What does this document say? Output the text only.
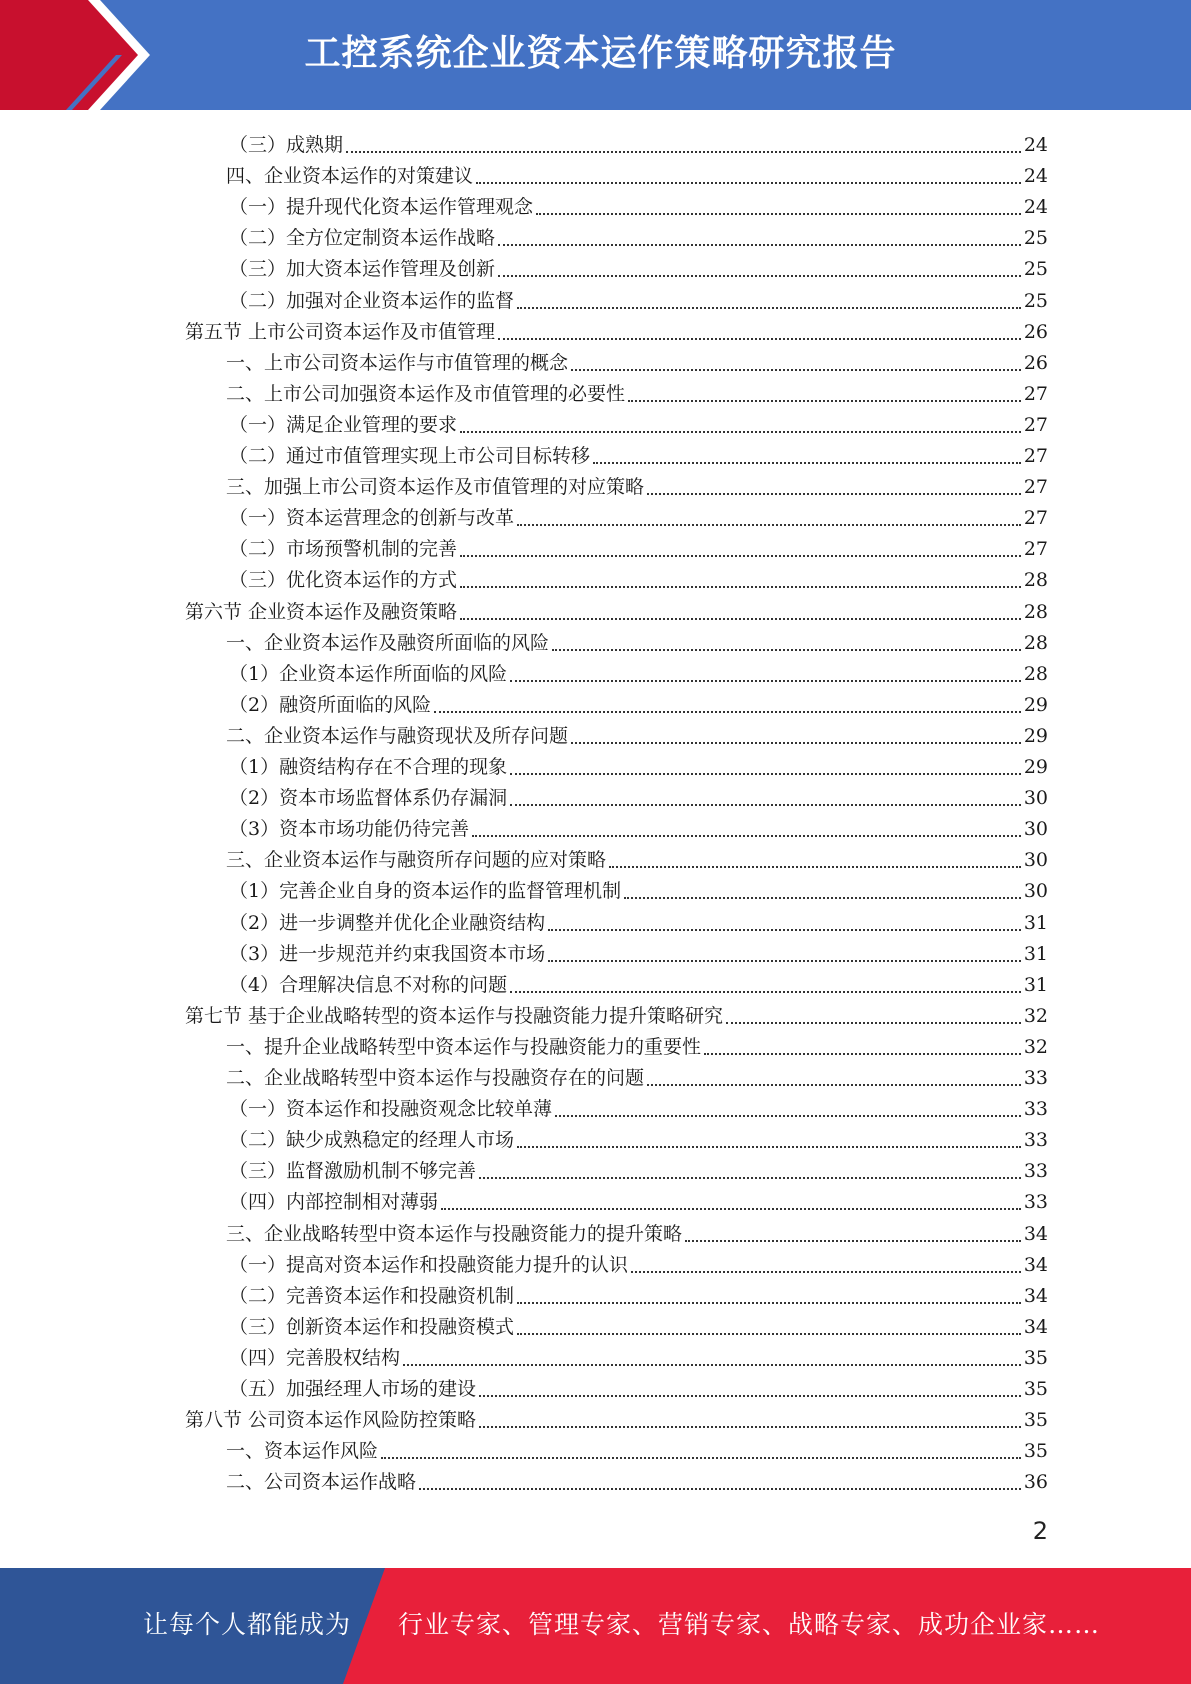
工控系统企业资本运作策略研究报告
（三）成熟期	24
四、企业资本运作的对策建议	24
（一）提升现代化资本运作管理观念	24
（二）全方位定制资本运作战略	25
（三）加大资本运作管理及创新	25
（二）加强对企业资本运作的监督	25
第五节 上市公司资本运作及市值管理	26
一、上市公司资本运作与市值管理的概念	26
二、上市公司加强资本运作及市值管理的必要性	27
（一）满足企业管理的要求	27
（二）通过市值管理实现上市公司目标转移	27
三、加强上市公司资本运作及市值管理的对应策略	27
（一）资本运营理念的创新与改革	27
（二）市场预警机制的完善	27
（三）优化资本运作的方式	28
第六节 企业资本运作及融资策略	28
一、企业资本运作及融资所面临的风险	28
（1）企业资本运作所面临的风险	28
（2）融资所面临的风险	29
二、企业资本运作与融资现状及所存问题	29
（1）融资结构存在不合理的现象	29
（2）资本市场监督体系仍存漏洞	30
（3）资本市场功能仍待完善	30
三、企业资本运作与融资所存问题的应对策略	30
（1）完善企业自身的资本运作的监督管理机制	30
（2）进一步调整并优化企业融资结构	31
（3）进一步规范并约束我国资本市场	31
（4）合理解决信息不对称的问题	31
第七节 基于企业战略转型的资本运作与投融资能力提升策略研究	32
一、提升企业战略转型中资本运作与投融资能力的重要性	32
二、企业战略转型中资本运作与投融资存在的问题	33
（一）资本运作和投融资观念比较单薄	33
（二）缺少成熟稳定的经理人市场	33
（三）监督激励机制不够完善	33
（四）内部控制相对薄弱	33
三、企业战略转型中资本运作与投融资能力的提升策略	34
（一）提高对资本运作和投融资能力提升的认识	34
（二）完善资本运作和投融资机制	34
（三）创新资本运作和投融资模式	34
（四）完善股权结构	35
（五）加强经理人市场的建设	35
第八节 公司资本运作风险防控策略	35
一、资本运作风险	35
二、公司资本运作战略	36
2
让每个人都能成为 行业专家、管理专家、营销专家、战略专家、成功企业家……
